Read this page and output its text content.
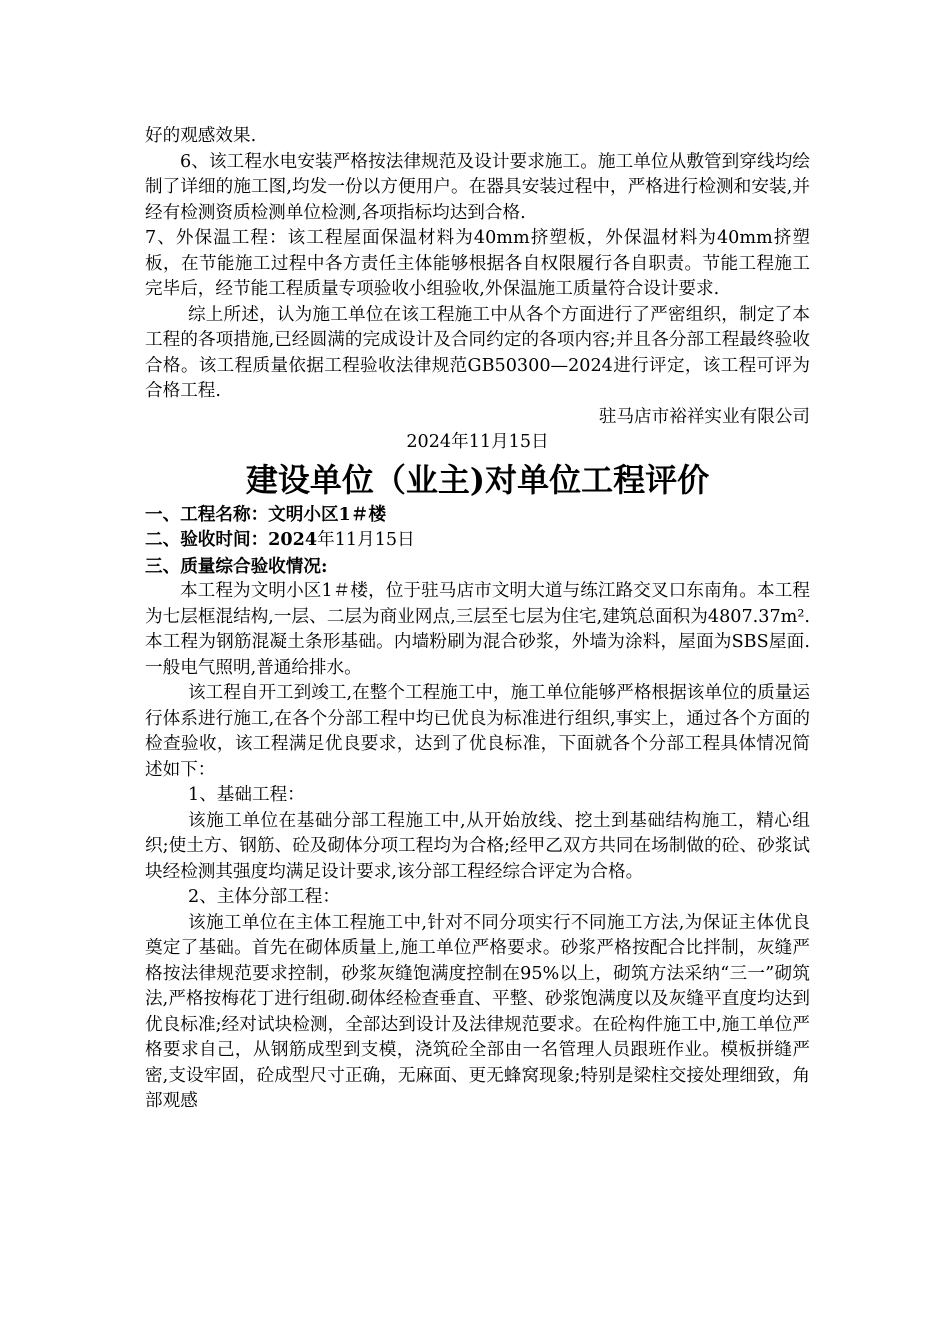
好的观感效果.

6、该工程水电安装严格按法律规范及设计要求施工。施工单位从敷管到穿线均绘制了详细的施工图,均发一份以方便用户。在器具安装过程中，严格进行检测和安装,并经有检测资质检测单位检测,各项指标均达到合格.

7、外保温工程：该工程屋面保温材料为40mm挤塑板，外保温材料为40mm挤塑板，在节能施工过程中各方责任主体能够根据各自权限履行各自职责。节能工程施工完毕后，经节能工程质量专项验收小组验收,外保温施工质量符合设计要求.

综上所述，认为施工单位在该工程施工中从各个方面进行了严密组织，制定了本工程的各项措施,已经圆满的完成设计及合同约定的各项内容;并且各分部工程最终验收合格。该工程质量依据工程验收法律规范GB50300—2024进行评定，该工程可评为合格工程.

驻马店市裕祥实业有限公司

2024年11月15日

建设单位（业主)对单位工程评价

一、工程名称：文明小区1＃楼

二、验收时间：2024年11月15日

三、质量综合验收情况:

本工程为文明小区1＃楼，位于驻马店市文明大道与练江路交叉口东南角。本工程为七层框混结构,一层、二层为商业网点,三层至七层为住宅,建筑总面积为4807.37m².本工程为钢筋混凝土条形基础。内墙粉刷为混合砂浆，外墙为涂料，屋面为SBS屋面.一般电气照明,普通给排水。

该工程自开工到竣工,在整个工程施工中，施工单位能够严格根据该单位的质量运行体系进行施工,在各个分部工程中均已优良为标准进行组织,事实上，通过各个方面的检查验收，该工程满足优良要求，达到了优良标准，下面就各个分部工程具体情况简述如下：

1、基础工程：

该施工单位在基础分部工程施工中,从开始放线、挖土到基础结构施工，精心组织;使土方、钢筋、砼及砌体分项工程均为合格;经甲乙双方共同在场制做的砼、砂浆试块经检测其强度均满足设计要求,该分部工程经综合评定为合格。

2、主体分部工程：

该施工单位在主体工程施工中,针对不同分项实行不同施工方法,为保证主体优良奠定了基础。首先在砌体质量上,施工单位严格要求。砂浆严格按配合比拌制，灰缝严格按法律规范要求控制，砂浆灰缝饱满度控制在95%以上，砌筑方法采纳“三一”砌筑法,严格按梅花丁进行组砌.砌体经检查垂直、平整、砂浆饱满度以及灰缝平直度均达到优良标准;经对试块检测，全部达到设计及法律规范要求。在砼构件施工中,施工单位严格要求自己，从钢筋成型到支模，浇筑砼全部由一名管理人员跟班作业。模板拼缝严密,支设牢固，砼成型尺寸正确，无麻面、更无蜂窝现象;特别是梁柱交接处理细致，角部观感
